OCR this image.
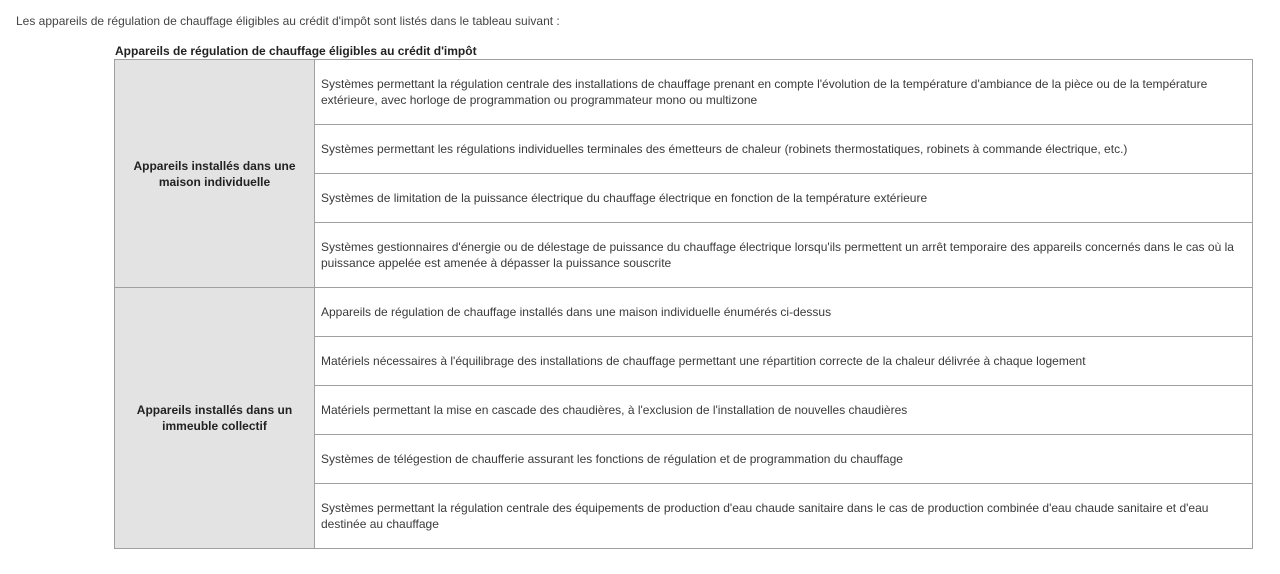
Les appareils de régulation de chauffage éligibles au crédit d'impôt sont listés dans le tableau suivant :
Appareils de régulation de chauffage éligibles au crédit d'impôt
Appareils installés dans une maison individuelle	Systèmes permettant la régulation centrale des installations de chauffage prenant en compte l'évolution de la température d'ambiance de la pièce ou de la température extérieure, avec horloge de programmation ou programmateur mono ou multizone
	Systèmes permettant les régulations individuelles terminales des émetteurs de chaleur (robinets thermostatiques, robinets à commande électrique, etc.)
	Systèmes de limitation de la puissance électrique du chauffage électrique en fonction de la température extérieure
	Systèmes gestionnaires d'énergie ou de délestage de puissance du chauffage électrique lorsqu'ils permettent un arrêt temporaire des appareils concernés dans le cas où la puissance appelée est amenée à dépasser la puissance souscrite
Appareils installés dans un immeuble collectif	Appareils de régulation de chauffage installés dans une maison individuelle énumérés ci-dessus
	Matériels nécessaires à l'équilibrage des installations de chauffage permettant une répartition correcte de la chaleur délivrée à chaque logement
	Matériels permettant la mise en cascade des chaudières, à l'exclusion de l'installation de nouvelles chaudières
	Systèmes de télégestion de chaufferie assurant les fonctions de régulation et de programmation du chauffage
	Systèmes permettant la régulation centrale des équipements de production d'eau chaude sanitaire dans le cas de production combinée d'eau chaude sanitaire et d'eau destinée au chauffage
